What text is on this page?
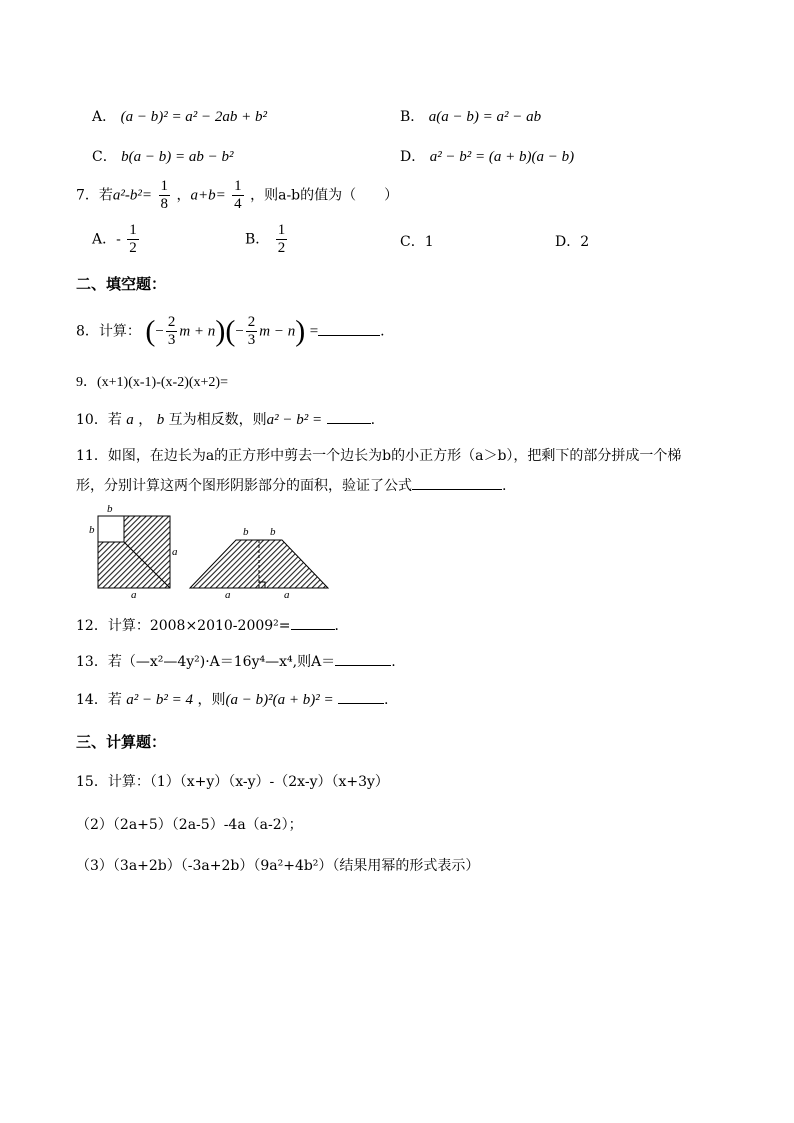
A． (a − b)² = a² − 2ab + b²	B． a(a − b) = a² − ab
C． b(a − b) = ab − b²	D． a² − b² = (a + b)(a − b)
7．若$a^2-b^2= \frac{1}{8}$ ，$a+b= \frac{1}{4}$ ，则a-b的值为（　　）
A．- $\frac{1}{2}$	B． $\frac{1}{2}$	C．1	D．2
二、填空题：
8．计算： (− $\frac{2}{3}$ $m + n)(- \frac{2}{3}$ m − n) =	.
9．(x+1)(x-1)-(x-2)(x+2)=
10．若 a ， b 互为相反数，则a² − b² =	.
11．如图，在边长为a的正方形中剪去一个边长为b的小正方形（a＞b），把剩下的部分拼成一个梯
形，分别计算这两个图形阴影部分的面积，验证了公式	.
b
b
a
a
b b
a	a
12．计算：2008×2010-2009²=	．
13．若（—x²—4y²)·A＝16y⁴—x⁴,则A＝	.
14．若 a² − b² = 4 ，则(a − b)²(a + b)² =	.
三、计算题：
15．计算：（1）（x+y）（x-y）-（2x-y）（x+3y）
（2）（2a+5）（2a-5）-4a（a-2）；
（3）（3a+2b）（-3a+2b）（9a²+4b²）（结果用幂的形式表示）
